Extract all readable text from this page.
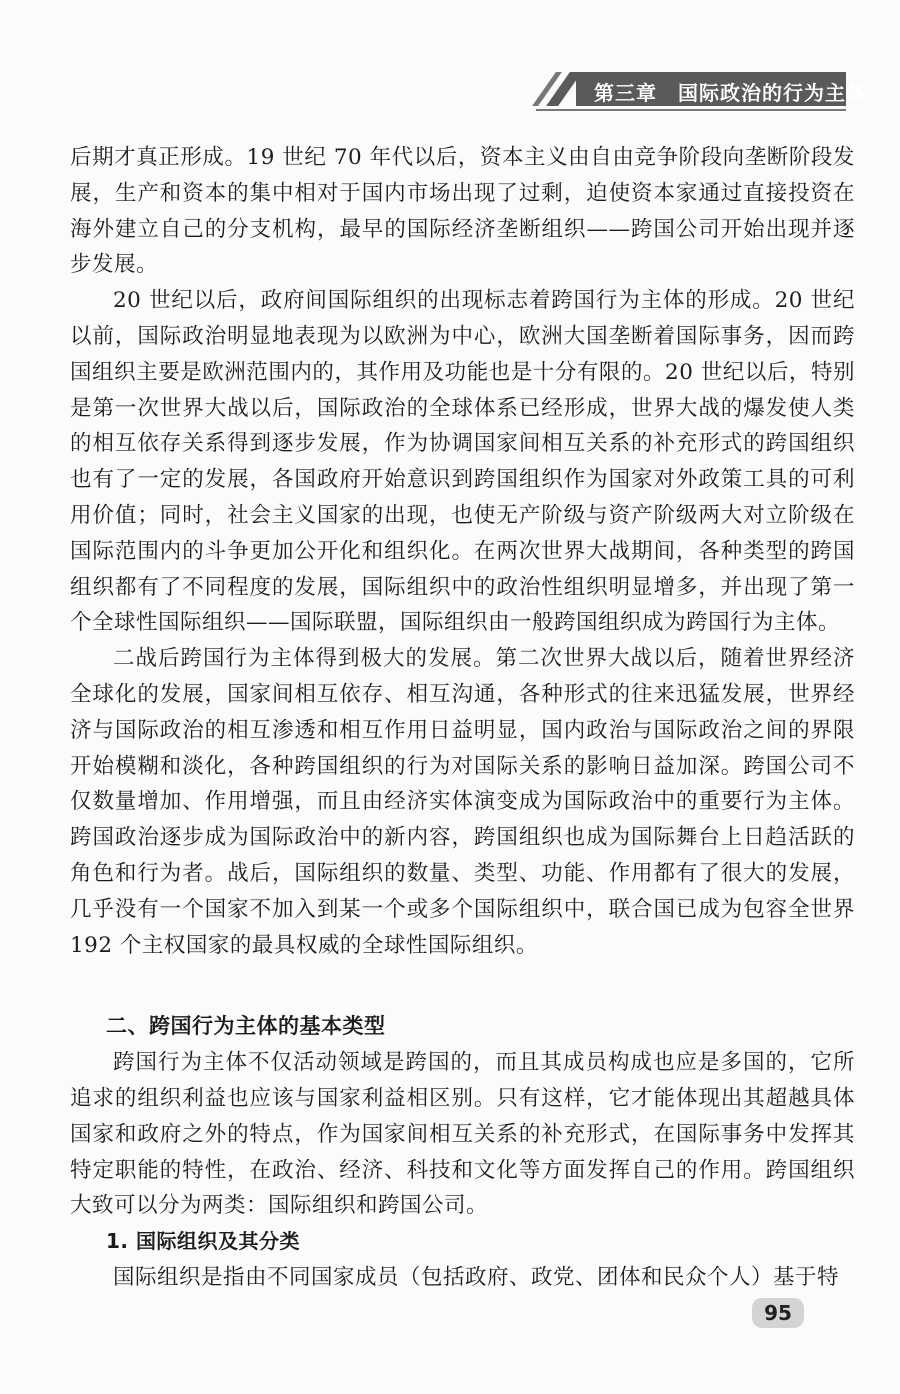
第三章　国际政治的行为主体

后期才真正形成。19 世纪 70 年代以后，资本主义由自由竞争阶段向垄断阶段发展，生产和资本的集中相对于国内市场出现了过剩，迫使资本家通过直接投资在海外建立自己的分支机构，最早的国际经济垄断组织——跨国公司开始出现并逐步发展。

20 世纪以后，政府间国际组织的出现标志着跨国行为主体的形成。20 世纪以前，国际政治明显地表现为以欧洲为中心，欧洲大国垄断着国际事务，因而跨国组织主要是欧洲范围内的，其作用及功能也是十分有限的。20 世纪以后，特别是第一次世界大战以后，国际政治的全球体系已经形成，世界大战的爆发使人类的相互依存关系得到逐步发展，作为协调国家间相互关系的补充形式的跨国组织也有了一定的发展，各国政府开始意识到跨国组织作为国家对外政策工具的可利用价值；同时，社会主义国家的出现，也使无产阶级与资产阶级两大对立阶级在国际范围内的斗争更加公开化和组织化。在两次世界大战期间，各种类型的跨国组织都有了不同程度的发展，国际组织中的政治性组织明显增多，并出现了第一个全球性国际组织——国际联盟，国际组织由一般跨国组织成为跨国行为主体。

二战后跨国行为主体得到极大的发展。第二次世界大战以后，随着世界经济全球化的发展，国家间相互依存、相互沟通，各种形式的往来迅猛发展，世界经济与国际政治的相互渗透和相互作用日益明显，国内政治与国际政治之间的界限开始模糊和淡化，各种跨国组织的行为对国际关系的影响日益加深。跨国公司不仅数量增加、作用增强，而且由经济实体演变成为国际政治中的重要行为主体。跨国政治逐步成为国际政治中的新内容，跨国组织也成为国际舞台上日趋活跃的角色和行为者。战后，国际组织的数量、类型、功能、作用都有了很大的发展，几乎没有一个国家不加入到某一个或多个国际组织中，联合国已成为包容全世界 192 个主权国家的最具权威的全球性国际组织。

二、跨国行为主体的基本类型

跨国行为主体不仅活动领域是跨国的，而且其成员构成也应是多国的，它所追求的组织利益也应该与国家利益相区别。只有这样，它才能体现出其超越具体国家和政府之外的特点，作为国家间相互关系的补充形式，在国际事务中发挥其特定职能的特性，在政治、经济、科技和文化等方面发挥自己的作用。跨国组织大致可以分为两类：国际组织和跨国公司。

1. 国际组织及其分类

国际组织是指由不同国家成员（包括政府、政党、团体和民众个人）基于特

95
